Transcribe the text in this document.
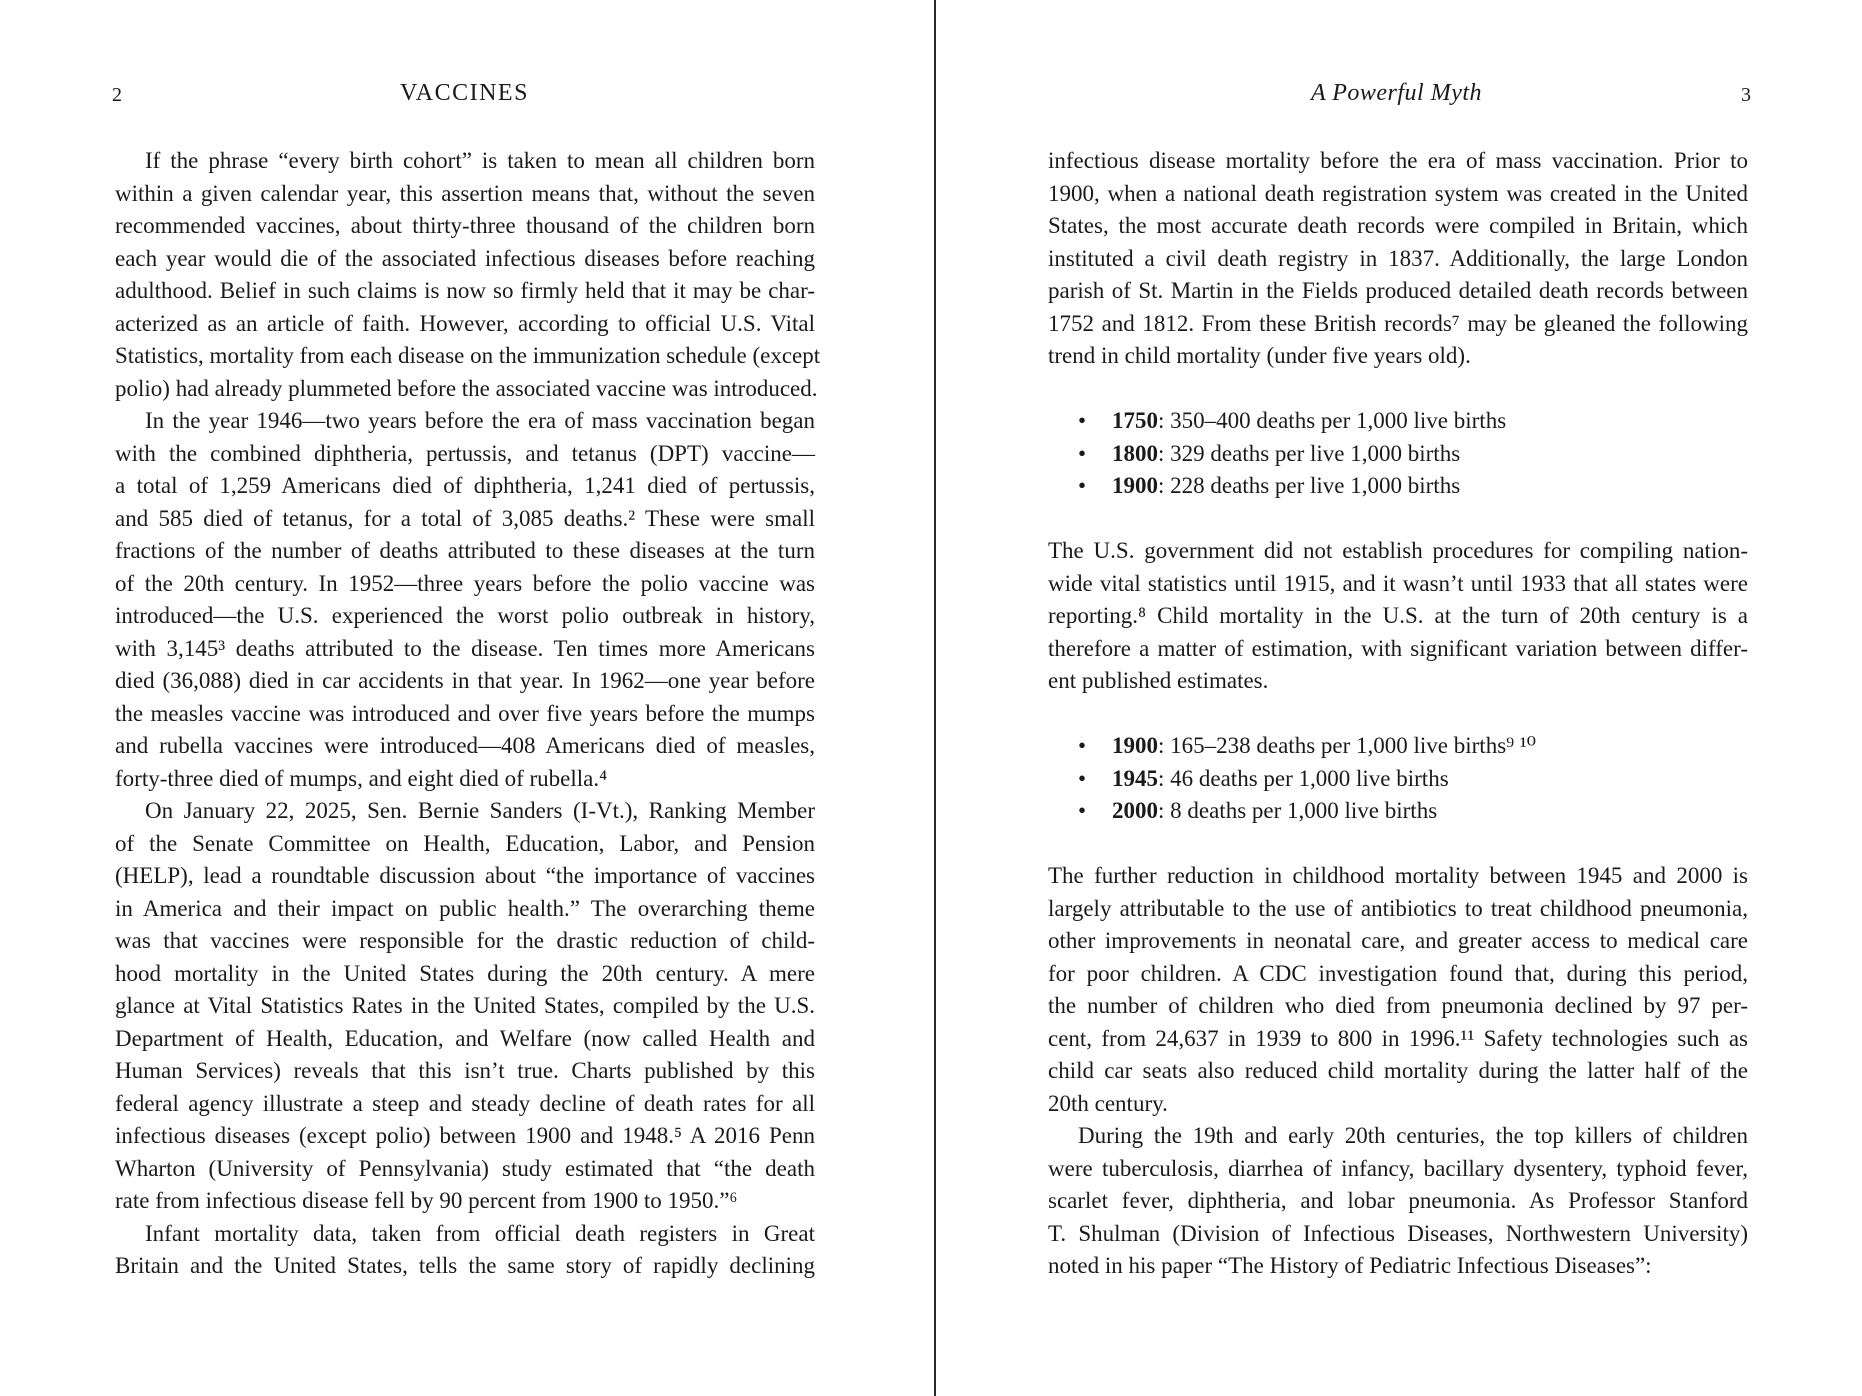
2	VACCINES
If the phrase “every birth cohort” is taken to mean all children born
within a given calendar year, this assertion means that, without the seven
recommended vaccines, about thirty-three thousand of the children born
each year would die of the associated infectious diseases before reaching
adulthood. Belief in such claims is now so firmly held that it may be char-
acterized as an article of faith. However, according to official U.S. Vital
Statistics, mortality from each disease on the immunization schedule (except
polio) had already plummeted before the associated vaccine was introduced.
In the year 1946—two years before the era of mass vaccination began
with the combined diphtheria, pertussis, and tetanus (DPT) vaccine—
a total of 1,259 Americans died of diphtheria, 1,241 died of pertussis,
and 585 died of tetanus, for a total of 3,085 deaths.² These were small
fractions of the number of deaths attributed to these diseases at the turn
of the 20th century. In 1952—three years before the polio vaccine was
introduced—the U.S. experienced the worst polio outbreak in history,
with 3,145³ deaths attributed to the disease. Ten times more Americans
died (36,088) died in car accidents in that year. In 1962—one year before
the measles vaccine was introduced and over five years before the mumps
and rubella vaccines were introduced—408 Americans died of measles,
forty-three died of mumps, and eight died of rubella.⁴
On January 22, 2025, Sen. Bernie Sanders (I-Vt.), Ranking Member
of the Senate Committee on Health, Education, Labor, and Pension
(HELP), lead a roundtable discussion about “the importance of vaccines
in America and their impact on public health.” The overarching theme
was that vaccines were responsible for the drastic reduction of child-
hood mortality in the United States during the 20th century. A mere
glance at Vital Statistics Rates in the United States, compiled by the U.S.
Department of Health, Education, and Welfare (now called Health and
Human Services) reveals that this isn’t true. Charts published by this
federal agency illustrate a steep and steady decline of death rates for all
infectious diseases (except polio) between 1900 and 1948.⁵ A 2016 Penn
Wharton (University of Pennsylvania) study estimated that “the death
rate from infectious disease fell by 90 percent from 1900 to 1950.”⁶
Infant mortality data, taken from official death registers in Great
Britain and the United States, tells the same story of rapidly declining
A Powerful Myth	3
infectious disease mortality before the era of mass vaccination. Prior to
1900, when a national death registration system was created in the United
States, the most accurate death records were compiled in Britain, which
instituted a civil death registry in 1837. Additionally, the large London
parish of St. Martin in the Fields produced detailed death records between
1752 and 1812. From these British records⁷ may be gleaned the following
trend in child mortality (under five years old).
• 1750: 350–400 deaths per 1,000 live births
• 1800: 329 deaths per live 1,000 births
• 1900: 228 deaths per live 1,000 births
The U.S. government did not establish procedures for compiling nation-
wide vital statistics until 1915, and it wasn’t until 1933 that all states were
reporting.⁸ Child mortality in the U.S. at the turn of 20th century is a
therefore a matter of estimation, with significant variation between differ-
ent published estimates.
• 1900: 165–238 deaths per 1,000 live births⁹ ¹⁰
• 1945: 46 deaths per 1,000 live births
• 2000: 8 deaths per 1,000 live births
The further reduction in childhood mortality between 1945 and 2000 is
largely attributable to the use of antibiotics to treat childhood pneumonia,
other improvements in neonatal care, and greater access to medical care
for poor children. A CDC investigation found that, during this period,
the number of children who died from pneumonia declined by 97 per-
cent, from 24,637 in 1939 to 800 in 1996.¹¹ Safety technologies such as
child car seats also reduced child mortality during the latter half of the
20th century.
During the 19th and early 20th centuries, the top killers of children
were tuberculosis, diarrhea of infancy, bacillary dysentery, typhoid fever,
scarlet fever, diphtheria, and lobar pneumonia. As Professor Stanford
T. Shulman (Division of Infectious Diseases, Northwestern University)
noted in his paper “The History of Pediatric Infectious Diseases”:
